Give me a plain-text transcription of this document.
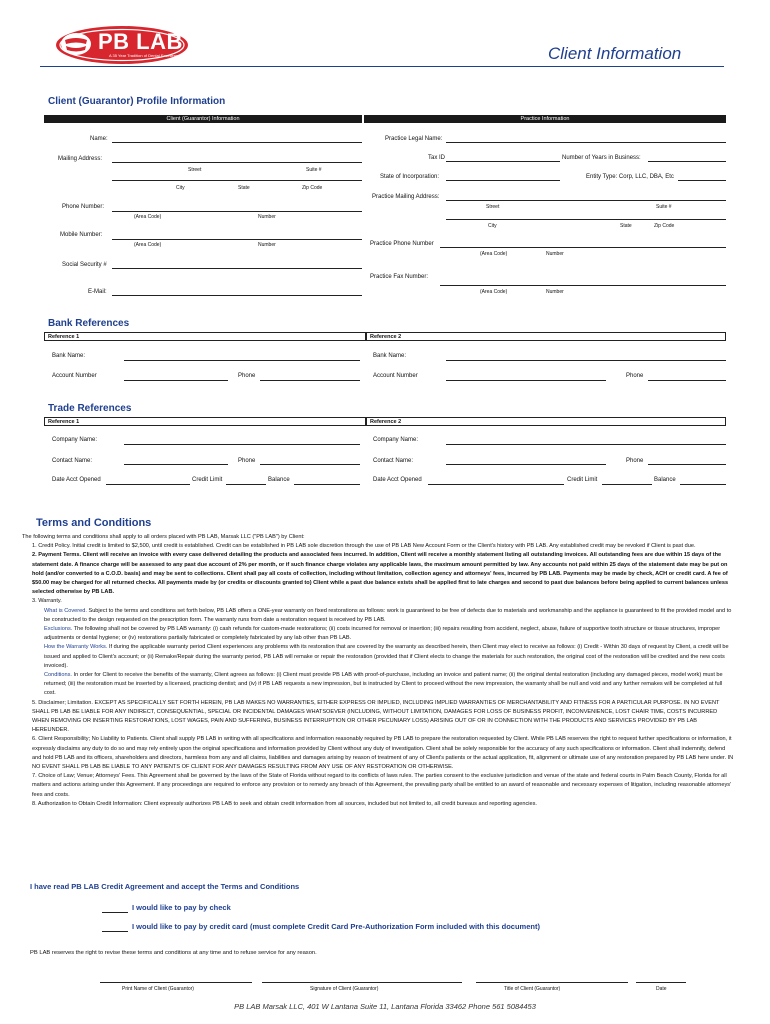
PB LAB
A 35 Year Tradition of Dental Excellence	Client Information
Client (Guarantor) Profile Information
Client (Guarantor) Information	Practice Information
Name:
Mailing Address:
Street	Suite #
City	State	Zip Code
Phone Number:
(Area Code)	Number
Mobile Number:
(Area Code)	Number
Social Security #
E-Mail:
Practice Legal Name:
Tax ID	Number of Years in Business:
State of Incorporation:	Entity Type: Corp, LLC, DBA, Etc
Practice Mailing Address:
Street	Suite #
City	State	Zip Code
Practice Phone Number
(Area Code)	Number
Practice Fax Number:
(Area Code)	Number
Bank References
Reference 1	Reference 2
Bank Name:	Bank Name:
Account Number	Phone	Account Number	Phone
Trade References
Reference 1	Reference 2
Company Name:	Company Name:
Contact Name:	Phone	Contact Name:	Phone
Date Acct Opened	Credit Limit	Balance	Date Acct Opened	Credit Limit	Balance
Terms and Conditions
The following terms and conditions shall apply to all orders placed with PB LAB, Marsak LLC ("PB LAB") by Client:
1. Credit Policy. Initial credit is limited to $2,500, until credit is established. Credit can be established in PB LAB sole discretion through the use of PB LAB New Account Form or the Client's history with PB LAB. Any established credit may be revoked if Client is past due.
2. Payment Terms. Client will receive an invoice with every case delivered detailing the products and associated fees incurred. In addition, Client will receive a monthly statement listing all outstanding invoices. All outstanding fees are due within 15 days of the statement date. A finance charge will be assessed to any past due account of 2% per month, or if such finance charge violates any applicable laws, the maximum amount permitted by law. Any accounts not paid within 25 days of the statement date may be put on hold (and/or converted to a C.O.D. basis) and may be sent to collections. Client shall pay all costs of collection, including without limitation, collection agency and attorneys' fees, incurred by PB LAB. Payments may be made by check, ACH or credit card. A fee of $50.00 may be charged for all returned checks. All payments made by (or credits or discounts granted to) Client while a past due balance exists shall be applied first to late charges and second to past due balances before being applied to current balances unless selected otherwise by PB LAB.
3. Warranty.
What is Covered. Subject to the terms and conditions set forth below, PB LAB offers a ONE-year warranty on fixed restorations as follows: work is guaranteed to be free of defects due to materials and workmanship and the appliance is guaranteed to fit the provided model and to be constructed to the design requested on the prescription form. The warranty runs from date a restoration request is received by PB LAB.
Exclusions. The following shall not be covered by PB LAB warranty: (i) cash refunds for custom-made restorations; (ii) costs incurred for removal or insertion; (iii) repairs resulting from accident, neglect, abuse, failure of supportive tooth structure or tissue structures, improper adjustments or dental hygiene; or (iv) restorations partially fabricated or completely fabricated by any lab other than PB LAB.
How the Warranty Works. If during the applicable warranty period Client experiences any problems with its restoration that are covered by the warranty as described herein, then Client may elect to receive as follows: (i) Credit - Within 30 days of request by Client, a credit will be issued and applied to Client's account; or (ii) Remake/Repair during the warranty period, PB LAB will remake or repair the restoration (provided that if Client elects to change the materials for such restoration, the original cost of the restoration will be credited and the new costs invoiced).
Conditions. In order for Client to receive the benefits of the warranty, Client agrees as follows: (i) Client must provide PB LAB with proof-of-purchase, including an invoice and patient name; (ii) the original dental restoration (including any damaged pieces, model work) must be returned; (iii) the restoration must be inserted by a licensed, practicing dentist; and (iv) if PB LAB requests a new impression, but is instructed by Client to proceed without the new impression, the warranty shall be null and void and any further remakes will be completed at full cost.
5. Disclaimer; Limitation. EXCEPT AS SPECIFICALLY SET FORTH HEREIN, PB LAB MAKES NO WARRANTIES, EITHER EXPRESS OR IMPLIED, INCLUDING IMPLIED WARRANTIES OF MERCHANTABILITY AND FITNESS FOR A PARTICULAR PURPOSE. IN NO EVENT SHALL PB LAB BE LIABLE FOR ANY INDIRECT, CONSEQUENTIAL, SPECIAL OR INCIDENTAL DAMAGES WHATSOEVER (INCLUDING, WITHOUT LIMITATION, DAMAGES FOR LOSS OF BUSINESS PROFIT, INCONVENIENCE, LOST CHAIR TIME, COSTS INCURRED WHEN REMOVING OR INSERTING RESTORATIONS, LOST WAGES, PAIN AND SUFFERING, BUSINESS INTERRUPTION OR OTHER PECUNIARY LOSS) ARISING OUT OF OR IN CONNECTION WITH THE PRODUCTS AND SERVICES PROVIDED BY PB LAB HEREUNDER.
6. Client Responsibility; No Liability to Patients. Client shall supply PB LAB in writing with all specifications and information reasonably required by PB LAB to prepare the restoration requested by Client. While PB LAB reserves the right to request further specifications or information, it expressly disclaims any duty to do so and may rely entirely upon the original specifications and information provided by Client without any duty of investigation. Client shall be solely responsible for the accuracy of any such specifications or information. Client shall indemnify, defend and hold PB LAB and its officers, shareholders and directors, harmless from any and all claims, liabilities and damages arising by reason of treatment of any of Client's patients or the actual application, fit, alignment or ultimate use of any restoration prepared by PB LAB here under. IN NO EVENT SHALL PB LAB BE LIABLE TO ANY PATIENTS OF CLIENT FOR ANY DAMAGES RESULTING FROM ANY USE OF ANY RESTORATION OR OTHERWISE.
7. Choice of Law; Venue; Attorneys' Fees. This Agreement shall be governed by the laws of the State of Florida without regard to its conflicts of laws rules. The parties consent to the exclusive jurisdiction and venue of the state and federal courts in Palm Beach County, Florida for all matters and actions arising under this Agreement. If any proceedings are required to enforce any provision or to remedy any breach of this Agreement, the prevailing party shall be entitled to an award of reasonable and necessary expenses of litigation, including reasonable attorneys' fees and costs.
8. Authorization to Obtain Credit Information: Client expressly authorizes PB LAB to seek and obtain credit information from all sources, included but not limited to, all credit bureaus and reporting agencies.
I have read PB LAB Credit Agreement and accept the Terms and Conditions
I would like to pay by check
I would like to pay by credit card (must complete Credit Card Pre-Authorization Form included with this document)
PB LAB reserves the right to revise these terms and conditions at any time and to refuse service for any reason.
Print Name of Client (Guarantor)	Signature of Client (Guarantor)	Title of Client (Guarantor)	Date
PB LAB Marsak LLC, 401 W Lantana Suite 11, Lantana Florida 33462 Phone 561 5084453
